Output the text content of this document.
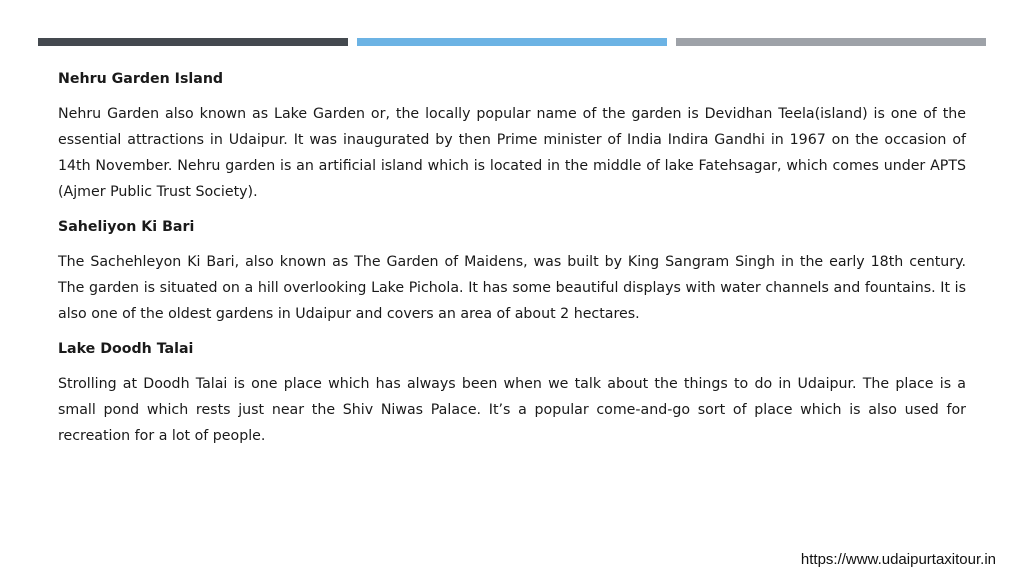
Nehru Garden Island
Nehru Garden also known as Lake Garden or, the locally popular name of the garden is Devidhan Teela(island) is one of the essential attractions in Udaipur. It was inaugurated by then Prime minister of India Indira Gandhi in 1967 on the occasion of 14th November. Nehru garden is an artificial island which is located in the middle of lake Fatehsagar, which comes under APTS (Ajmer Public Trust Society).
Saheliyon Ki Bari
The Sachehleyon Ki Bari, also known as The Garden of Maidens, was built by King Sangram Singh in the early 18th century. The garden is situated on a hill overlooking Lake Pichola. It has some beautiful displays with water channels and fountains. It is also one of the oldest gardens in Udaipur and covers an area of about 2 hectares.
Lake Doodh Talai
Strolling at Doodh Talai is one place which has always been when we talk about the things to do in Udaipur. The place is a small pond which rests just near the Shiv Niwas Palace. It’s a popular come-and-go sort of place which is also used for recreation for a lot of people.
https://www.udaipurtaxitour.in
